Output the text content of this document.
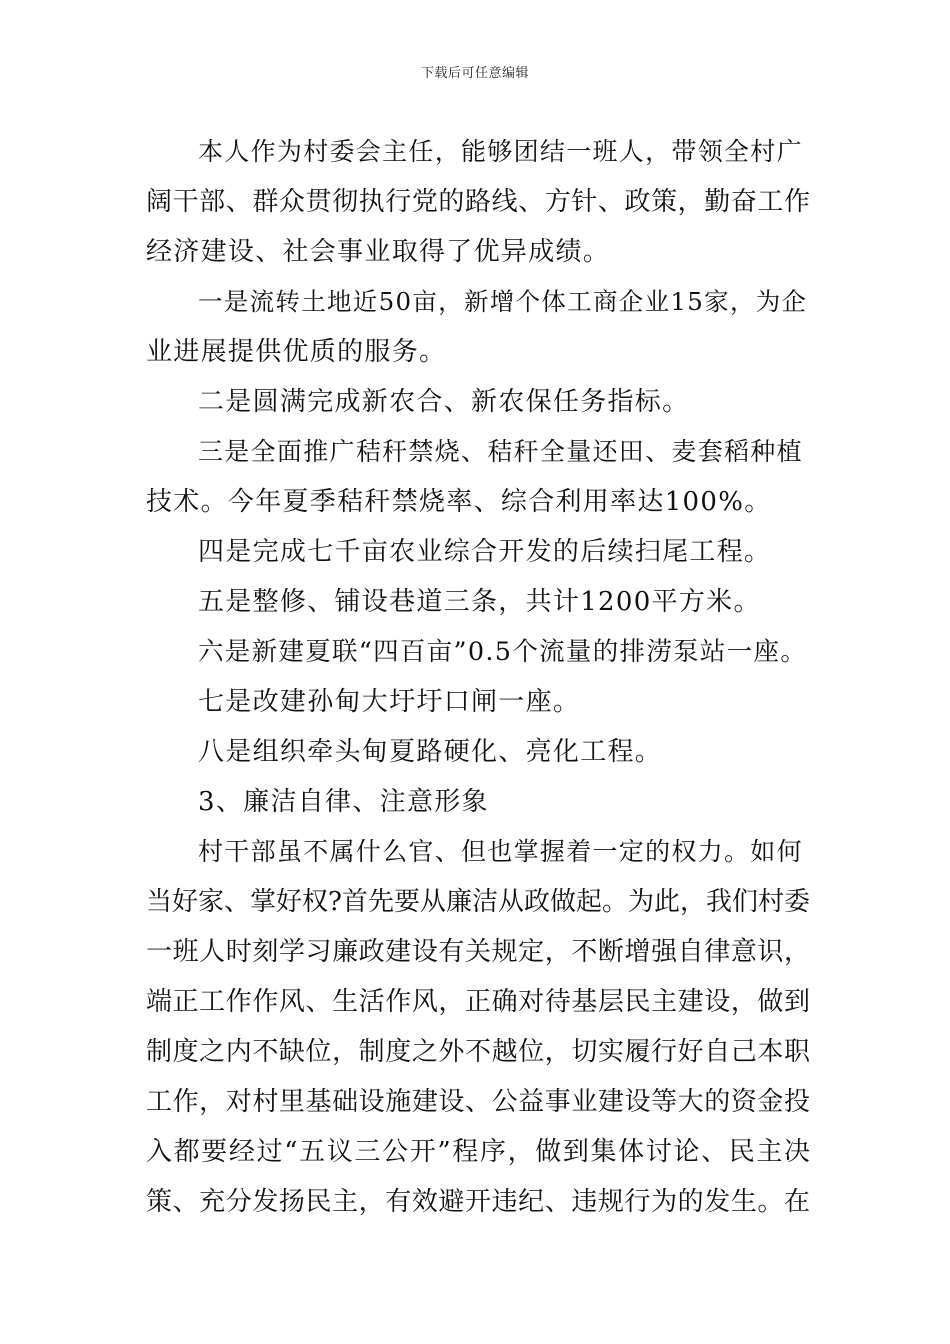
下载后可任意编辑
本人作为村委会主任，能够团结一班人，带领全村广
阔干部、群众贯彻执行党的路线、方针、政策，勤奋工作
经济建设、社会事业取得了优异成绩。
一是流转土地近50亩，新增个体工商企业15家，为企
业进展提供优质的服务。
二是圆满完成新农合、新农保任务指标。
三是全面推广秸秆禁烧、秸秆全量还田、麦套稻种植
技术。今年夏季秸秆禁烧率、综合利用率达100%。
四是完成七千亩农业综合开发的后续扫尾工程。
五是整修、铺设巷道三条，共计1200平方米。
六是新建夏联“四百亩”0.5个流量的排涝泵站一座。
七是改建孙甸大圩圩口闸一座。
八是组织牵头甸夏路硬化、亮化工程。
3、廉洁自律、注意形象
村干部虽不属什么官、但也掌握着一定的权力。如何
当好家、掌好权?首先要从廉洁从政做起。为此，我们村委
一班人时刻学习廉政建设有关规定，不断增强自律意识，
端正工作作风、生活作风，正确对待基层民主建设，做到
制度之内不缺位，制度之外不越位，切实履行好自己本职
工作，对村里基础设施建设、公益事业建设等大的资金投
入都要经过“五议三公开”程序，做到集体讨论、民主决
策、充分发扬民主，有效避开违纪、违规行为的发生。在
